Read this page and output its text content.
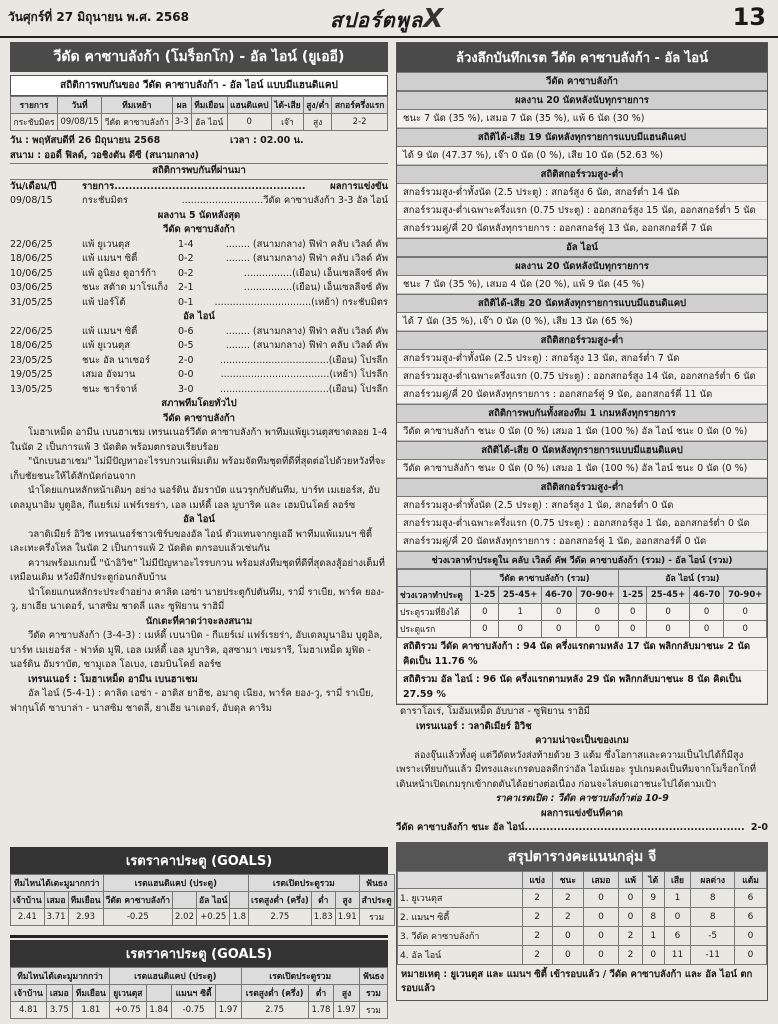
วันศุกร์ที่ 27 มิถุนายน พ.ศ. 2568	สปอร์ตพูลX	13
วีดัด คาซาบลังก้า (โมร็อกโก) - อัล ไอน์ (ยูเออี)
สถิติการพบกันของ วีดัด คาซาบลังก้า - อัล ไอน์ แบบมีแฮนดิแคป
รายการ	วันที่	ทีมเหย้า	ผล	ทีมเยือน	แฮนดิแคป	ได้-เสีย	สูง/ต่ำ	สกอร์ครึ่งแรก
กระชับมิตร	09/08/15	วีดัด คาซาบลังก้า	3-3	อัล ไอน์	0	เจ๊า	สูง	2-2
วัน : พฤหัสบดีที่ 26 มิถุนายน 2568	เวลา : 02.00 น.
สนาม : ออดี้ ฟิลด์, วอชิงตัน ดีซี (สนามกลาง)
สถิติการพบกันที่ผ่านมา
วัน/เดือน/ปี	รายการ.....................................................	ผลการแข่งขัน
09/08/15	กระชับมิตร	...........................วีดัด คาซาบลังก้า 3-3 อัล ไอน์
ผลงาน 5 นัดหลังสุด
วีดัด คาซาบลังก้า
22/06/25	แพ้ ยูเวนตุส	1-4	........ (สนามกลาง) ฟีฟ่า คลับ เวิลด์ คัพ
18/06/25	แพ้ แมนฯ ซิตี้	0-2	........ (สนามกลาง) ฟีฟ่า คลับ เวิลด์ คัพ
10/06/25	แพ้ อูนิยง ตูอาร์ก้า	0-2	................(เยือน) เอ็นเซลลีจซ์ คัพ
03/06/25	ชนะ สตัาด มาโรแก็ง	2-1	................(เยือน) เอ็นเซลลีจซ์ คัพ
31/05/25	แพ้ ปอร์โต้	0-1	................................(เหย้า) กระชับมิตร
อัล ไอน์
22/06/25	แพ้ แมนฯ ซิตี้	0-6	........ (สนามกลาง) ฟีฟ่า คลับ เวิลด์ คัพ
18/06/25	แพ้ ยูเวนตุส	0-5	........ (สนามกลาง) ฟีฟ่า คลับ เวิลด์ คัพ
23/05/25	ชนะ อัล นาเซอร์	2-0	....................................(เยือน) โปรลีก
19/05/25	เสมอ อัจมาน	0-0	....................................(เหย้า) โปรลีก
13/05/25	ชนะ ชาร์จาห์	3-0	....................................(เยือน) โปรลีก
สภาพทีมโดยทั่วไป
วีดัด คาซาบลังก้า
โมฮาเหม็ด อามีน เบนฮาเชม เทรนเนอร์วีดัด คาซาบลังก้า พาทีมแพ้ยูเวนตุสขาดลอย 1-4 ในนัด 2 เป็นการแพ้ 3 นัดติด พร้อมตกรอบเรียบร้อย
"นักเบนฮาเชม" ไม่มีปัญหาอะไรรบกวนเพิ่มเติม พร้อมจัดทีมชุดที่ดีที่สุดต่อไปด้วยหวังที่จะเก็บชัยชนะให้ได้สักนัดก่อนจาก
นำโดยแกนหลักหน้าเดิมๆ อย่าง นอร์ดิน อัมราบัต แนวรุกกัปตันทีม, บาร์ท เมเยอร์ส, อับเดลมูนาอิม บูตูอิล, กีแยร์เม่ แฟร์เรยร่า, เอล เมห์ดี้ เอล มูบาริค และ เฮมบินโคย์ ลอร์ซ
อัล ไอน์
วลาดิเมียร์ อิวิช เทรนเนอร์ชาวเซิร์บของอัล ไอน์ ตัวแทนจากยูเออี พาทีมแพ้แมนฯ ซิตี้เละเทะครึ่งโหล ในนัด 2 เป็นการแพ้ 2 นัดติด ตกรอบแล้วเช่นกัน
ความพร้อมเกมนี้ "น้าอิวิช" ไม่มีปัญหาอะไรรบกวน พร้อมส่งทีมชุดที่ดีที่สุดลงสู้อย่างเต็มที่เหมือนเดิม หวังมีสักประตูก่อนกลับบ้าน
นำโดยแกนหลักระประจำอย่าง คาลิด เอซ่า นายประตูกัปตันทีม, รามี่ ราเบีย, พาร์ค ยอง-วู, ยาเฮีย นาเดอร์, นาสซิม ชาดลี่ และ ซูฟิยาน ราฮิมี่
นักเตะที่คาดว่าจะลงสนาม
วีดัด คาซาบลังก้า (3-4-3) : เมห์ดี้ เบนาบิด - กีแยร์เม่ แฟร์เรยร่า, อับเดลมูนาอิม บูตูอิล, บาร์ท เมเยอร์ส - ฟาห์ด มูฟี, เอล เมห์ดี้ เอล มูบาริค, อุสซามา เซมรารี, โมฮาเหม็ด มูฟิด - นอร์ดิน อัมราบัต, ซามูเอล โอเบง, เฮมบินโคย์ ลอร์ซ
เทรนเนอร์ : โมฮาเหม็ด อามีน เบนฮาเชม
อัล ไอน์ (5-4-1) : คาลิด เอซ่า - อาดิส ยาฮิช, อมาดู เนียง, พาร์ค ยอง-วู, รามี่ ราเบีย, ฟากุนโด้ ซาบาล่า - นาสซิม ชาดลี่, ยาเฮีย นาเดอร์, อับดุล คาริม
เรตราคาประตู (GOALS)
ทีมไหนได้เตะมูมากกว่า			เรตแฮนดิแคป (ประตู)				เรตเปิดประตูรวม			ฟันธง
เจ้าบ้าน	เสมอ	ทีมเยือน	วีดัด คาซาบลังก้า		อัล ไอน์		เรตสูงต่ำ (ครึ่ง)	ต่ำ	สูง	สำประตู
2.41	3.71	2.93	-0.25	2.02	+0.25	1.8	2.75	1.83	1.91	รวม
เรตราคาประตู (GOALS)
ทีมไหนได้เตะมูมากกว่า			เรตแฮนดิแคป (ประตู)				เรตเปิดประตูรวม			ฟันธง
เจ้าบ้าน	เสมอ	ทีมเยือน	ยูเวนตุส		แมนฯ ซิตี้		เรตสูงต่ำ (ครึ่ง)	ต่ำ	สูง	รวม
4.81	3.75	1.81	+0.75	1.84	-0.75	1.97	2.75	1.78	1.97	รวม
ล้วงลึกบันทึกเรต วีดัด คาซาบลังก้า - อัล ไอน์
วีดัด คาซาบลังก้า
ผลงาน 20 นัดหลังนับทุกรายการ
ชนะ 7 นัด (35 %), เสมอ 7 นัด (35 %), แพ้ 6 นัด (30 %)
สถิติได้-เสีย 19 นัดหลังทุกรายการแบบมีแฮนดิแคป
ได้ 9 นัด (47.37 %), เจ๊า 0 นัด (0 %), เสีย 10 นัด (52.63 %)
สถิติสกอร์รวมสูง-ต่ำ
สกอร์รวมสูง-ต่ำทั้งนัด (2.5 ประตู) : สกอร์สูง 6 นัด, สกอร์ต่ำ 14 นัด
สกอร์รวมสูง-ต่ำเฉพาะครึ่งแรก (0.75 ประตู) : ออกสกอร์สูง 15 นัด, ออกสกอร์ต่ำ 5 นัด
สกอร์รวมคู่/คี่ 20 นัดหลังทุกรายการ : ออกสกอร์คู่ 13 นัด, ออกสกอร์คี่ 7 นัด
อัล ไอน์
ผลงาน 20 นัดหลังนับทุกรายการ
ชนะ 7 นัด (35 %), เสมอ 4 นัด (20 %), แพ้ 9 นัด (45 %)
สถิติได้-เสีย 20 นัดหลังทุกรายการแบบมีแฮนดิแคป
ได้ 7 นัด (35 %), เจ๊า 0 นัด (0 %), เสีย 13 นัด (65 %)
สถิติสกอร์รวมสูง-ต่ำ
สกอร์รวมสูง-ต่ำทั้งนัด (2.5 ประตู) : สกอร์สูง 13 นัด, สกอร์ต่ำ 7 นัด
สกอร์รวมสูง-ต่ำเฉพาะครึ่งแรก (0.75 ประตู) : ออกสกอร์สูง 14 นัด, ออกสกอร์ต่ำ 6 นัด
สกอร์รวมคู่/คี่ 20 นัดหลังทุกรายการ : ออกสกอร์คู่ 9 นัด, ออกสกอร์คี่ 11 นัด
สถิติการพบกันทั้งสองทีม 1 เกมหลังทุกรายการ
วีดัด คาซาบลังก้า ชนะ 0 นัด (0 %) เสมอ 1 นัด (100 %) อัล ไอน์ ชนะ 0 นัด (0 %)
สถิติได้-เสีย 0 นัดหลังทุกรายการแบบมีแฮนดิแคป
วีดัด คาซาบลังก้า ชนะ 0 นัด (0 %) เสมอ 1 นัด (100 %) อัล ไอน์ ชนะ 0 นัด (0 %)
สถิติสกอร์รวมสูง-ต่ำ
สกอร์รวมสูง-ต่ำทั้งนัด (2.5 ประตู) : สกอร์สูง 1 นัด, สกอร์ต่ำ 0 นัด
สกอร์รวมสูง-ต่ำเฉพาะครึ่งแรก (0.75 ประตู) : ออกสกอร์สูง 1 นัด, ออกสกอร์ต่ำ 0 นัด
สกอร์รวมคู่/คี่ 20 นัดหลังทุกรายการ : ออกสกอร์คู่ 1 นัด, ออกสกอร์คี่ 0 นัด
ช่วงเวลาทำประตูใน คลับ เวิลด์ คัพ วีดัด คาซาบลังก้า (รวม) - อัล ไอน์ (รวม)
	วีดัด คาซาบลังก้า (รวม)				อัล ไอน์ (รวม)			
ช่วงเวลาทำประตู	1-25	25-45+	46-70	70-90+	1-25	25-45+	46-70	70-90+
ประตูรวมที่ยิงได้	0	1	0	0	0	0	0	0
ประตูแรก	0	0	0	0	0	0	0	0
สถิติรวม วีดัด คาซาบลังก้า : 94 นัด ครึ่งแรกตามหลัง 17 นัด พลิกกลับมาชนะ 2 นัด คิดเป็น 11.76 %
สถิติรวม อัล ไอน์ : 96 นัด ครึ่งแรกตามหลัง 29 นัด พลิกกลับมาชนะ 8 นัด คิดเป็น 27.59 %
ดาราโอเร่, โมอัมเหม็ด อับบาส - ซูฟิยาน ราฮิมี่
เทรนเนอร์ : วลาดิเมียร์ อิวิช
ความน่าจะเป็นของเกม
ล่องจุ๊นแล้วทั้งคู่ แต่วีดัดหวังส่งท้ายด้วย 3 แต้ม ซึ่งโอกาสและความเป็นไปได้ก็มีสูง เพราะเทียบกันแล้ว มีทรงและเกรดบอลดีกว่าอัล ไอน์เยอะ รูปเกมคงเป็นทีมจากโมร็อกโกที่เดินหน้าเปิดเกมรุกเข้ากดดันได้อย่างต่อเนื่อง ก่อนจะไล่บดเอาชนะไปได้ตามเป้า
ราคาเรตเปิด : วีดัด คาซาบลังก้าต่อ 10-9
ผลการแข่งขันที่คาด
วีดัด คาซาบลังก้า ชนะ อัล ไอน์............................................................. 2-0
สรุปตารางคะแนนกลุ่ม จี
	แข่ง	ชนะ	เสมอ	แพ้	ได้	เสีย	ผลต่าง	แต้ม
1. ยูเวนตุส	2	2	0	0	9	1	8	6
2. แมนฯ ซิตี้	2	2	0	0	8	0	8	6
3. วีดัด คาซาบลังก้า	2	0	0	2	1	6	-5	0
4. อัล ไอน์	2	0	0	2	0	11	-11	0
หมายเหตุ : ยูเวนตุส และ แมนฯ ซิตี้ เข้ารอบแล้ว / วีดัด คาซาบลังก้า และ อัล ไอน์ ตกรอบแล้ว
